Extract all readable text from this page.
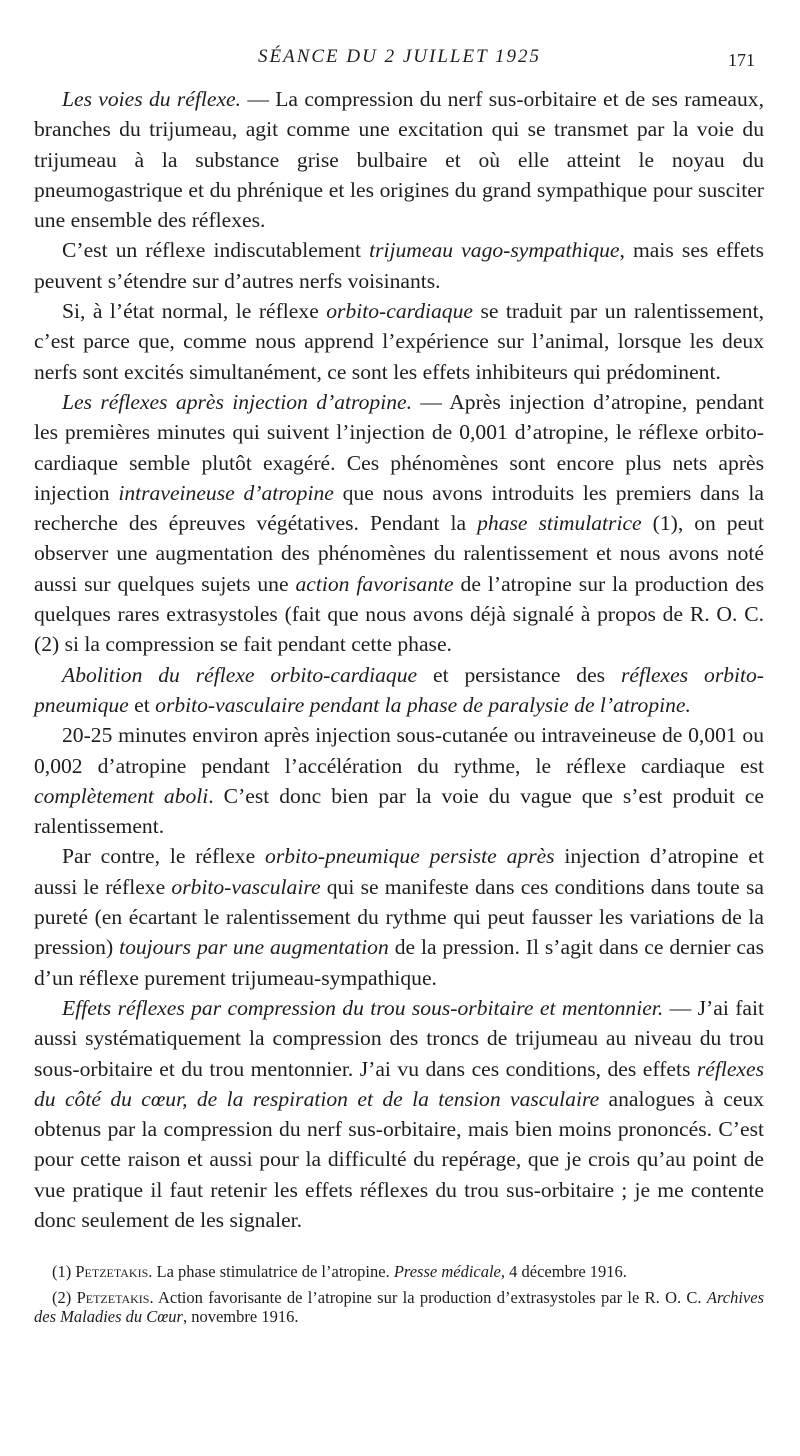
SÉANCE DU 2 JUILLET 1925	171

Les voies du réflexe. — La compression du nerf sus-orbitaire et de ses rameaux, branches du trijumeau, agit comme une excitation qui se transmet par la voie du trijumeau à la substance grise bulbaire et où elle atteint le noyau du pneumogastrique et du phrénique et les origines du grand sympathique pour susciter une ensemble des réflexes.

C’est un réflexe indiscutablement trijumeau vago-sympathique, mais ses effets peuvent s’étendre sur d’autres nerfs voisinants.

Si, à l’état normal, le réflexe orbito-cardiaque se traduit par un ralentissement, c’est parce que, comme nous apprend l’expérience sur l’animal, lorsque les deux nerfs sont excités simultanément, ce sont les effets inhibiteurs qui prédominent.

Les réflexes après injection d’atropine. — Après injection d’atropine, pendant les premières minutes qui suivent l’injection de 0,001 d’atropine, le réflexe orbito-cardiaque semble plutôt exagéré. Ces phénomènes sont encore plus nets après injection intraveineuse d’atropine que nous avons introduits les premiers dans la recherche des épreuves végétatives. Pendant la phase stimulatrice (1), on peut observer une augmentation des phénomènes du ralentissement et nous avons noté aussi sur quelques sujets une action favorisante de l’atropine sur la production des quelques rares extrasystoles (fait que nous avons déjà signalé à propos de R. O. C. (2) si la compression se fait pendant cette phase.

Abolition du réflexe orbito-cardiaque et persistance des réflexes orbito-pneumique et orbito-vasculaire pendant la phase de paralysie de l’atropine.

20-25 minutes environ après injection sous-cutanée ou intraveineuse de 0,001 ou 0,002 d’atropine pendant l’accélération du rythme, le réflexe cardiaque est complètement aboli. C’est donc bien par la voie du vague que s’est produit ce ralentissement.

Par contre, le réflexe orbito-pneumique persiste après injection d’atropine et aussi le réflexe orbito-vasculaire qui se manifeste dans ces conditions dans toute sa pureté (en écartant le ralentissement du rythme qui peut fausser les variations de la pression) toujours par une augmentation de la pression. Il s’agit dans ce dernier cas d’un réflexe purement trijumeau-sympathique.

Effets réflexes par compression du trou sous-orbitaire et mentonnier. — J’ai fait aussi systématiquement la compression des troncs de trijumeau au niveau du trou sous-orbitaire et du trou mentonnier. J’ai vu dans ces conditions, des effets réflexes du côté du cœur, de la respiration et de la tension vasculaire analogues à ceux obtenus par la compression du nerf sus-orbitaire, mais bien moins prononcés. C’est pour cette raison et aussi pour la difficulté du repérage, que je crois qu’au point de vue pratique il faut retenir les effets réflexes du trou sus-orbitaire ; je me contente donc seulement de les signaler.

(1) Petzetakis. La phase stimulatrice de l’atropine. Presse médicale, 4 décembre 1916.

(2) Petzetakis. Action favorisante de l’atropine sur la production d’extrasystoles par le R. O. C. Archives des Maladies du Cœur, novembre 1916.
